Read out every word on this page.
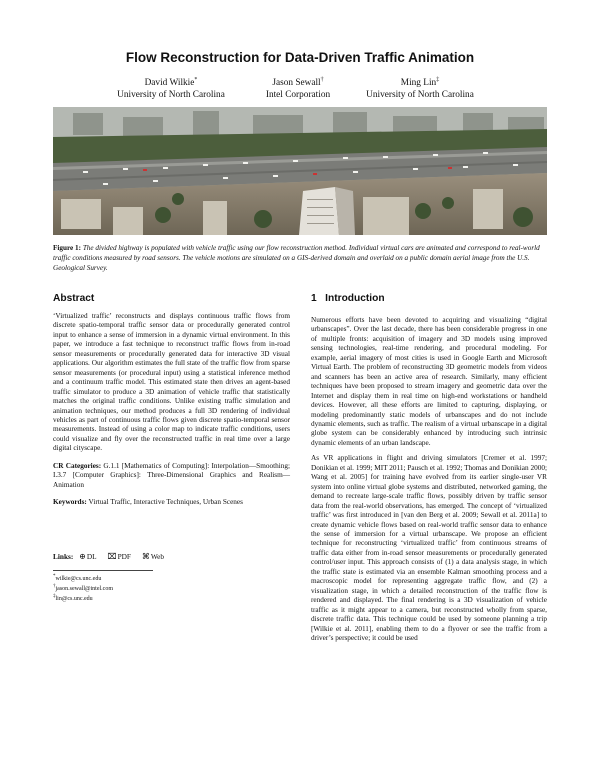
Flow Reconstruction for Data-Driven Traffic Animation
David Wilkie*
University of North Carolina
Jason Sewall†
Intel Corporation
Ming Lin‡
University of North Carolina
Figure 1: The divided highway is populated with vehicle traffic using our flow reconstruction method. Individual virtual cars are animated and correspond to real-world traffic conditions measured by road sensors. The vehicle motions are simulated on a GIS-derived domain and overlaid on a public domain aerial image from the U.S. Geological Survey.
Abstract

‘Virtualized traffic’ reconstructs and displays continuous traffic flows from discrete spatio-temporal traffic sensor data or procedurally generated control input to enhance a sense of immersion in a dynamic virtual environment. In this paper, we introduce a fast technique to reconstruct traffic flows from in-road sensor measurements or procedurally generated data for interactive 3D visual applications. Our algorithm estimates the full state of the traffic flow from sparse sensor measurements (or procedural input) using a statistical inference method and a continuum traffic model. This estimated state then drives an agent-based traffic simulator to produce a 3D animation of vehicle traffic that statistically matches the original traffic conditions. Unlike existing traffic simulation and animation techniques, our method produces a full 3D rendering of individual vehicles as part of continuous traffic flows given discrete spatio-temporal sensor measurements. Instead of using a color map to indicate traffic conditions, users could visualize and fly over the reconstructed traffic in real time over a large digital cityscape.

CR Categories: G.1.1 [Mathematics of Computing]: Interpolation—Smoothing; I.3.7 [Computer Graphics]: Three-Dimensional Graphics and Realism—Animation

Keywords: Virtual Traffic, Interactive Techniques, Urban Scenes

Links: ⊕DL ⌧PDF ⌘Web
*wilkie@cs.unc.edu
†jason.sewall@intel.com
‡lin@cs.unc.edu
1 Introduction

Numerous efforts have been devoted to acquiring and visualizing “digital urbanscapes”. Over the last decade, there has been considerable progress in one of multiple fronts: acquisition of imagery and 3D models using improved sensing technologies, real-time rendering, and procedural modeling. For example, aerial imagery of most cities is used in Google Earth and Microsoft Virtual Earth. The problem of reconstructing 3D geometric models from videos and scanners has been an active area of research. Similarly, many efficient techniques have been proposed to stream imagery and geometric data over the Internet and display them in real time on high-end workstations or handheld devices. However, all these efforts are limited to capturing, displaying, or modeling predominantly static models of urbanscapes and do not include dynamic elements, such as traffic. The realism of a virtual urbanscape in a digital globe system can be considerably enhanced by introducing such intrinsic dynamic elements of an urban landscape.

As VR applications in flight and driving simulators [Cremer et al. 1997; Donikian et al. 1999; MIT 2011; Pausch et al. 1992; Thomas and Donikian 2000; Wang et al. 2005] for training have evolved from its earlier single-user VR system into online virtual globe systems and distributed, networked gaming, the demand to recreate large-scale traffic flows, possibly driven by traffic sensor data from the real-world observations, has emerged. The concept of ‘virtualized traffic’ was first introduced in [van den Berg et al. 2009; Sewall et al. 2011a] to create dynamic vehicle flows based on real-world traffic sensor data to enhance the sense of immersion for a virtual urbanscape. We propose an efficient technique for reconstructing ‘virtualized traffic’ from continuous streams of traffic data either from in-road sensor measurements or procedurally generated control/user input. This approach consists of (1) a data analysis stage, in which the traffic state is estimated via an ensemble Kalman smoothing process and a macroscopic model for representing aggregate traffic flow, and (2) a visualization stage, in which a detailed reconstruction of the traffic flow is rendered and displayed. The final rendering is a 3D visualization of vehicle traffic as it might appear to a camera, but reconstructed wholly from sparse, discrete traffic data. This technique could be used by someone planning a trip [Wilkie et al. 2011], enabling them to do a flyover or see the traffic from a driver’s perspective; it could be used
